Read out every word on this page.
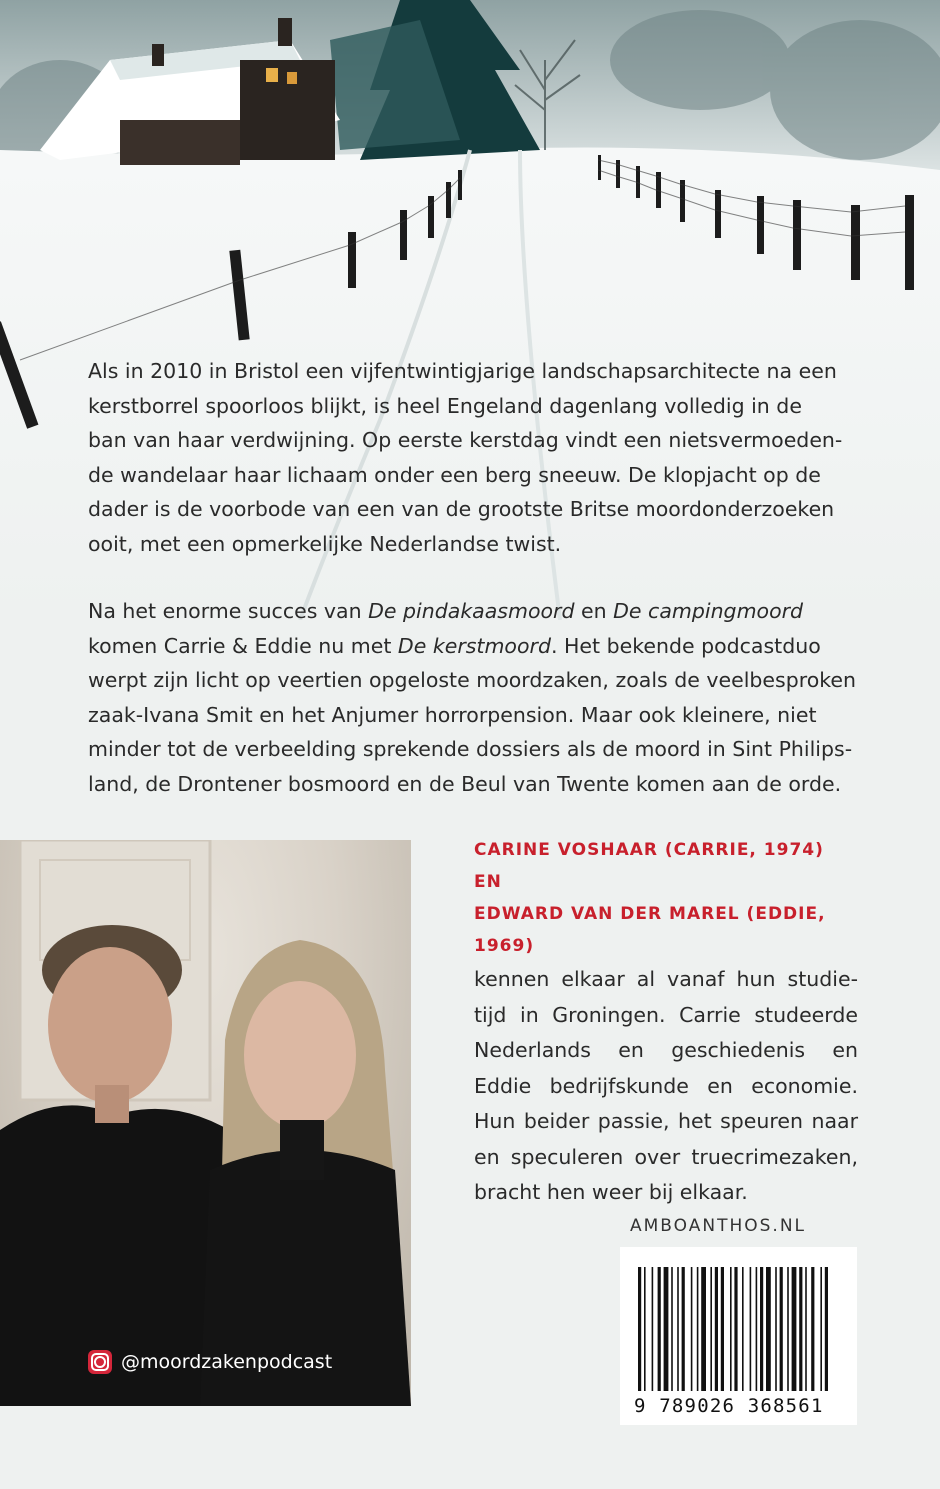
Als in 2010 in Bristol een vijfentwintigjarige landschapsarchitecte na een
kerstborrel spoorloos blijkt, is heel Engeland dagenlang volledig in de
ban van haar verdwijning. Op eerste kerstdag vindt een nietsvermoeden-
de wandelaar haar lichaam onder een berg sneeuw. De klopjacht op de
dader is de voorbode van een van de grootste Britse moordonderzoeken
ooit, met een opmerkelijke Nederlandse twist.

Na het enorme succes van De pindakaasmoord en De campingmoord
komen Carrie & Eddie nu met De kerstmoord. Het bekende podcastduo
werpt zijn licht op veertien opgeloste moordzaken, zoals de veelbesproken
zaak-Ivana Smit en het Anjumer horrorpension. Maar ook kleinere, niet
minder tot de verbeelding sprekende dossiers als de moord in Sint Philips-
land, de Drontener bosmoord en de Beul van Twente komen aan de orde.

@moordzakenpodcast

CARINE VOSHAAR (CARRIE, 1974) EN
EDWARD VAN DER MAREL (EDDIE, 1969)

kennen elkaar al vanaf hun studie-tijd in Groningen. Carrie studeerde Nederlands en geschiedenis en Eddie bedrijfskunde en economie. Hun beider passie, het speuren naar en speculeren over truecrimezaken, bracht hen weer bij elkaar.

AMBOANTHOS.NL
9 789026 368561
